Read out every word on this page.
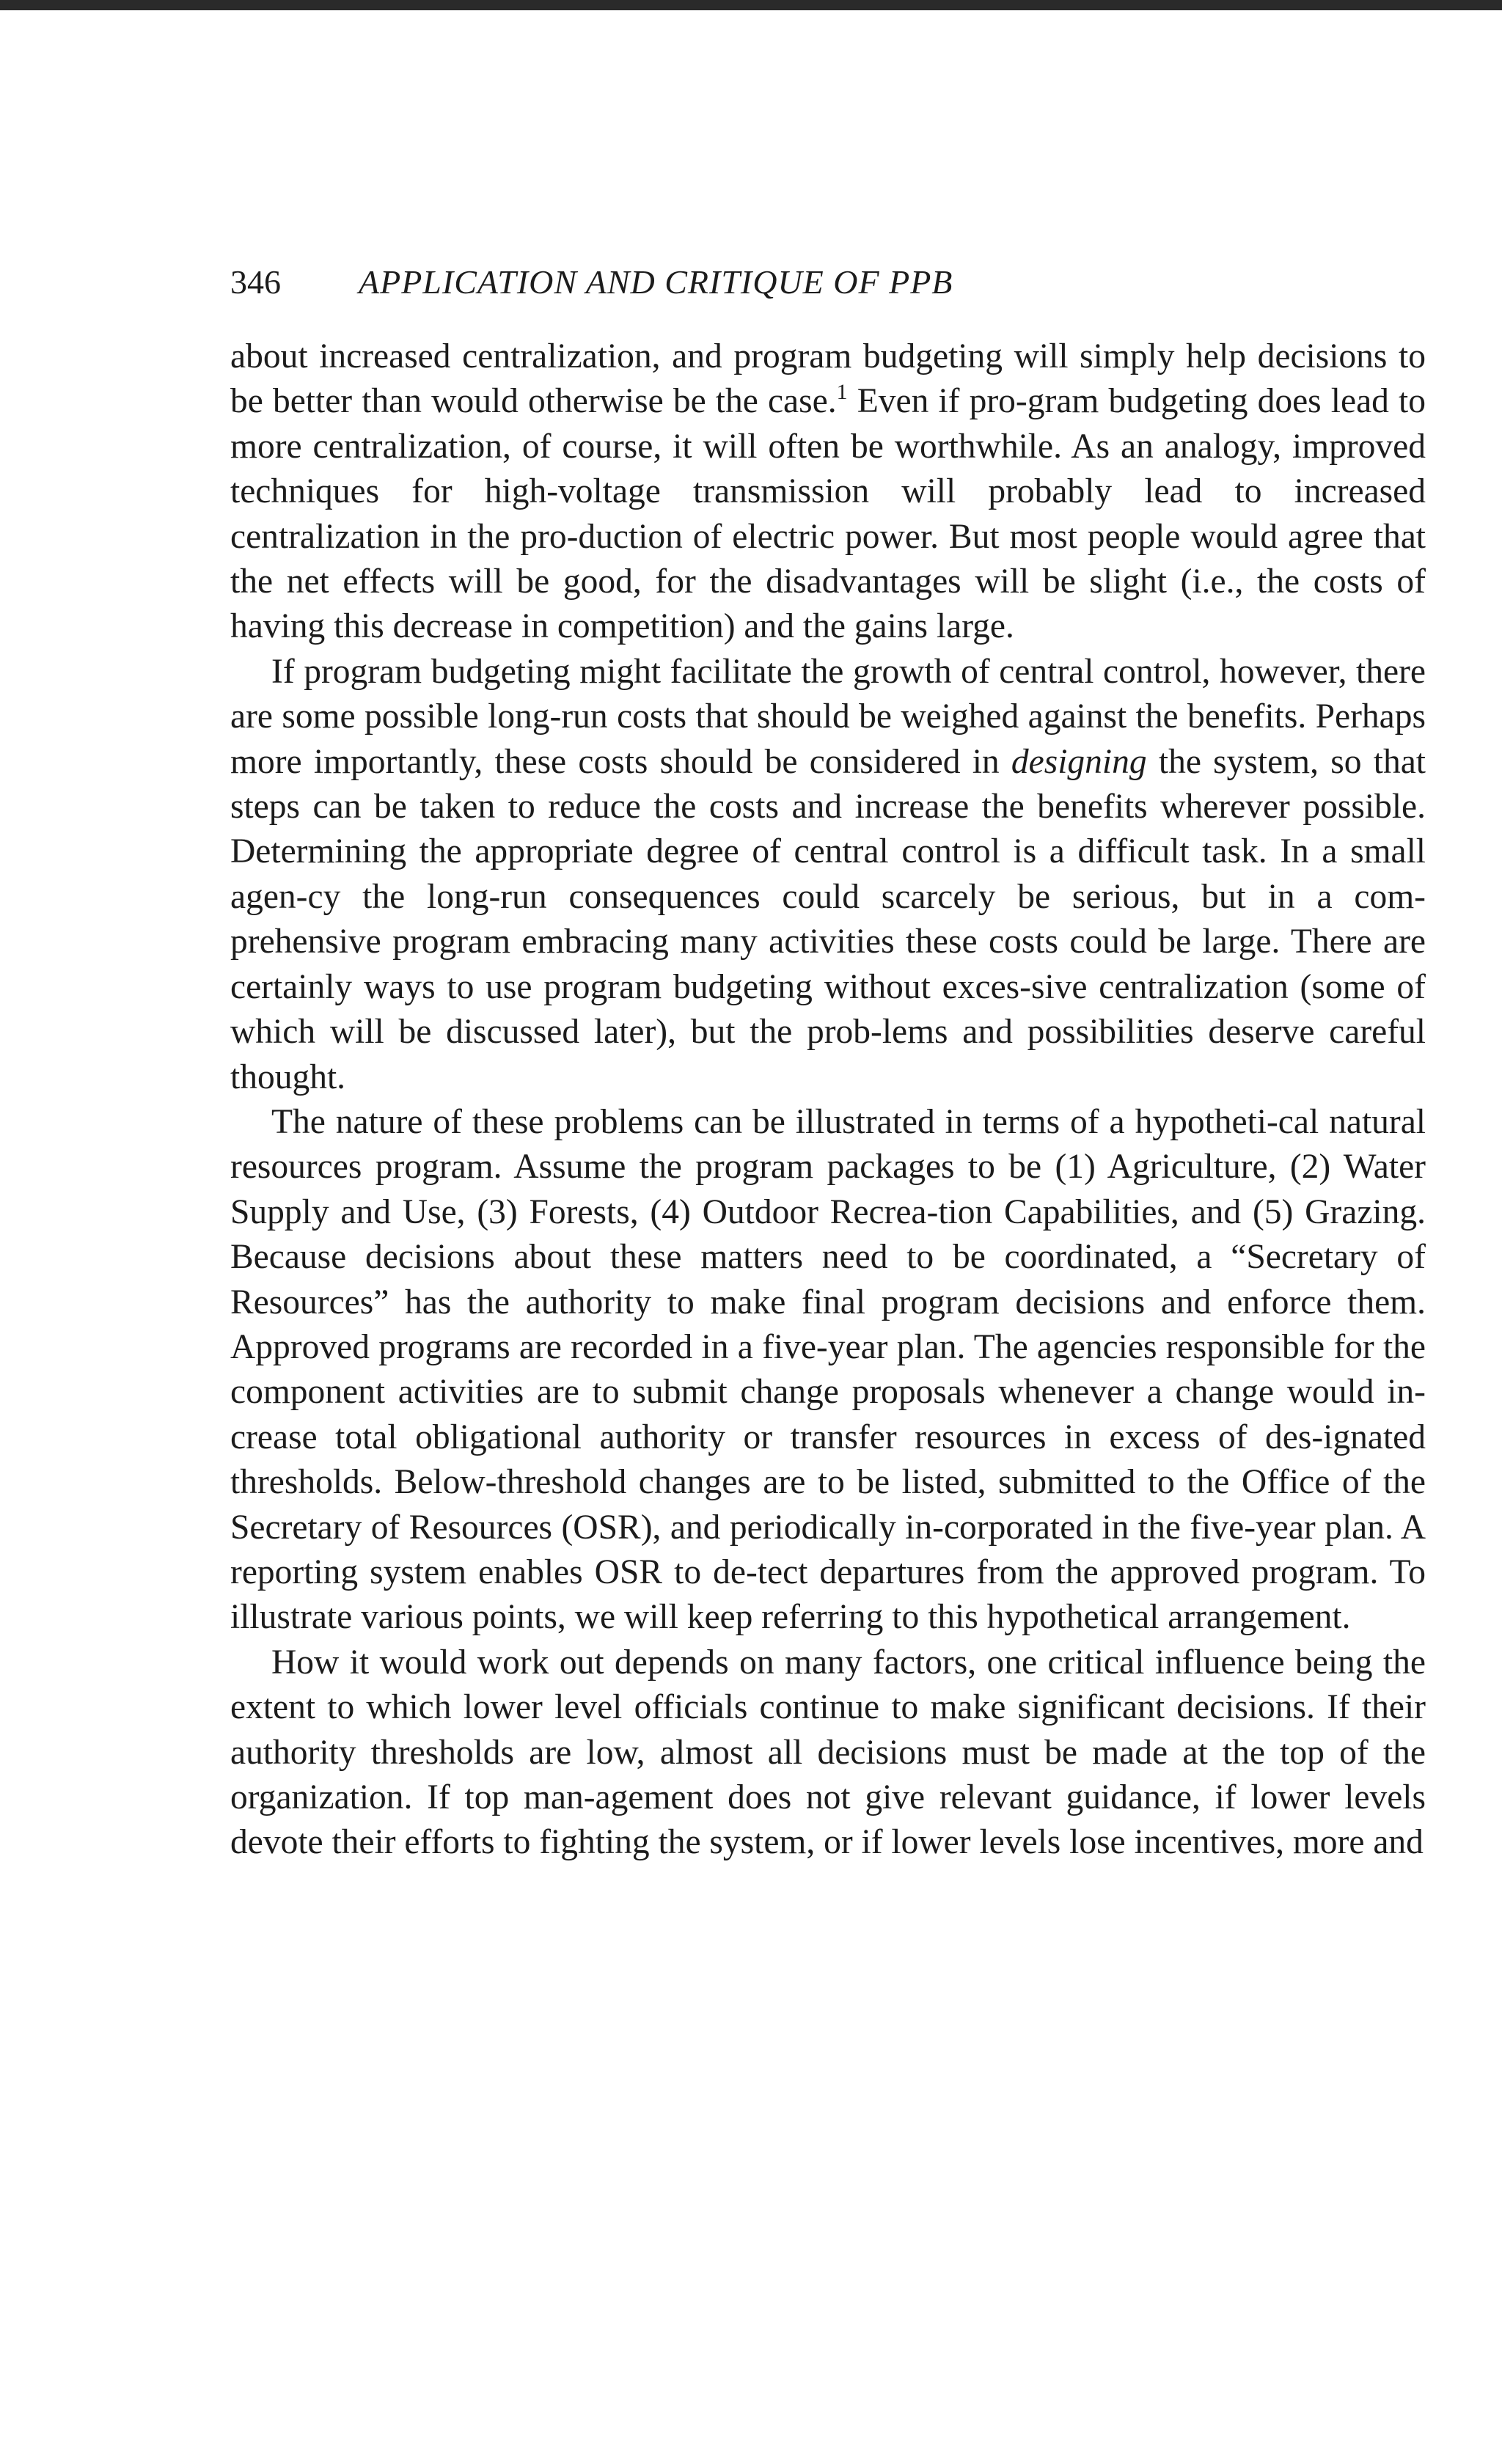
346 APPLICATION AND CRITIQUE OF PPB

about increased centralization, and program budgeting will simply help decisions to be better than would otherwise be the case.$^1$ Even if pro-gram budgeting does lead to more centralization, of course, it will often be worthwhile. As an analogy, improved techniques for high-voltage transmission will probably lead to increased centralization in the pro-duction of electric power. But most people would agree that the net effects will be good, for the disadvantages will be slight (i.e., the costs of having this decrease in competition) and the gains large.

If program budgeting might facilitate the growth of central control, however, there are some possible long-run costs that should be weighed against the benefits. Perhaps more importantly, these costs should be considered in designing the system, so that steps can be taken to reduce the costs and increase the benefits wherever possible. Determining the appropriate degree of central control is a difficult task. In a small agen-cy the long-run consequences could scarcely be serious, but in a com-prehensive program embracing many activities these costs could be large. There are certainly ways to use program budgeting without exces-sive centralization (some of which will be discussed later), but the prob-lems and possibilities deserve careful thought.

The nature of these problems can be illustrated in terms of a hypotheti-cal natural resources program. Assume the program packages to be (1) Agriculture, (2) Water Supply and Use, (3) Forests, (4) Outdoor Recrea-tion Capabilities, and (5) Grazing. Because decisions about these matters need to be coordinated, a “Secretary of Resources” has the authority to make final program decisions and enforce them. Approved programs are recorded in a five-year plan. The agencies responsible for the component activities are to submit change proposals whenever a change would in-crease total obligational authority or transfer resources in excess of des-ignated thresholds. Below-threshold changes are to be listed, submitted to the Office of the Secretary of Resources (OSR), and periodically in-corporated in the five-year plan. A reporting system enables OSR to de-tect departures from the approved program. To illustrate various points, we will keep referring to this hypothetical arrangement.

How it would work out depends on many factors, one critical influence being the extent to which lower level officials continue to make significant decisions. If their authority thresholds are low, almost all decisions must be made at the top of the organization. If top man-agement does not give relevant guidance, if lower levels devote their efforts to fighting the system, or if lower levels lose incentives, more and
